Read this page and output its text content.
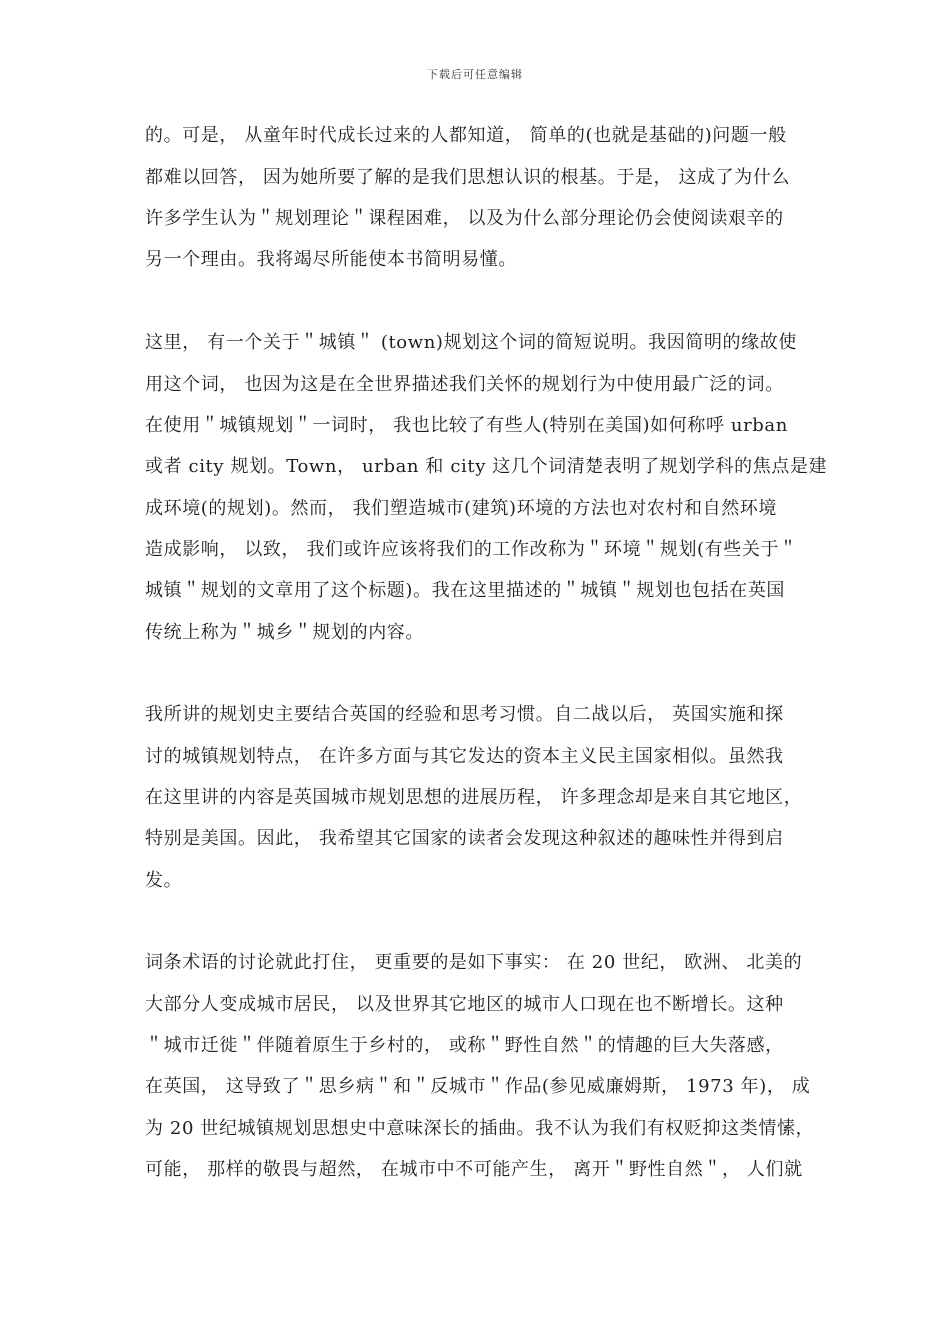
下载后可任意编辑
的。可是， 从童年时代成长过来的人都知道， 简单的(也就是基础的)问题一般
都难以回答， 因为她所要了解的是我们思想认识的根基。于是， 这成了为什么
许多学生认为＂规划理论＂课程困难， 以及为什么部分理论仍会使阅读艰辛的
另一个理由。我将竭尽所能使本书简明易懂。
这里， 有一个关于＂城镇＂ (town)规划这个词的简短说明。我因简明的缘故使
用这个词， 也因为这是在全世界描述我们关怀的规划行为中使用最广泛的词。
在使用＂城镇规划＂一词时， 我也比较了有些人(特别在美国)如何称呼 urban
或者 city 规划。Town， urban 和 city 这几个词清楚表明了规划学科的焦点是建
成环境(的规划)。然而， 我们塑造城市(建筑)环境的方法也对农村和自然环境
造成影响， 以致， 我们或许应该将我们的工作改称为＂环境＂规划(有些关于＂
城镇＂规划的文章用了这个标题)。我在这里描述的＂城镇＂规划也包括在英国
传统上称为＂城乡＂规划的内容。
我所讲的规划史主要结合英国的经验和思考习惯。自二战以后， 英国实施和探
讨的城镇规划特点， 在许多方面与其它发达的资本主义民主国家相似。虽然我
在这里讲的内容是英国城市规划思想的进展历程， 许多理念却是来自其它地区，
特别是美国。因此， 我希望其它国家的读者会发现这种叙述的趣味性并得到启
发。
词条术语的讨论就此打住， 更重要的是如下事实： 在 20 世纪， 欧洲、 北美的
大部分人变成城市居民， 以及世界其它地区的城市人口现在也不断增长。这种
＂城市迁徙＂伴随着原生于乡村的， 或称＂野性自然＂的情趣的巨大失落感，
在英国， 这导致了＂思乡病＂和＂反城市＂作品(参见威廉姆斯， 1973 年)， 成
为 20 世纪城镇规划思想史中意味深长的插曲。我不认为我们有权贬抑这类情愫，
可能， 那样的敬畏与超然， 在城市中不可能产生， 离开＂野性自然＂， 人们就
